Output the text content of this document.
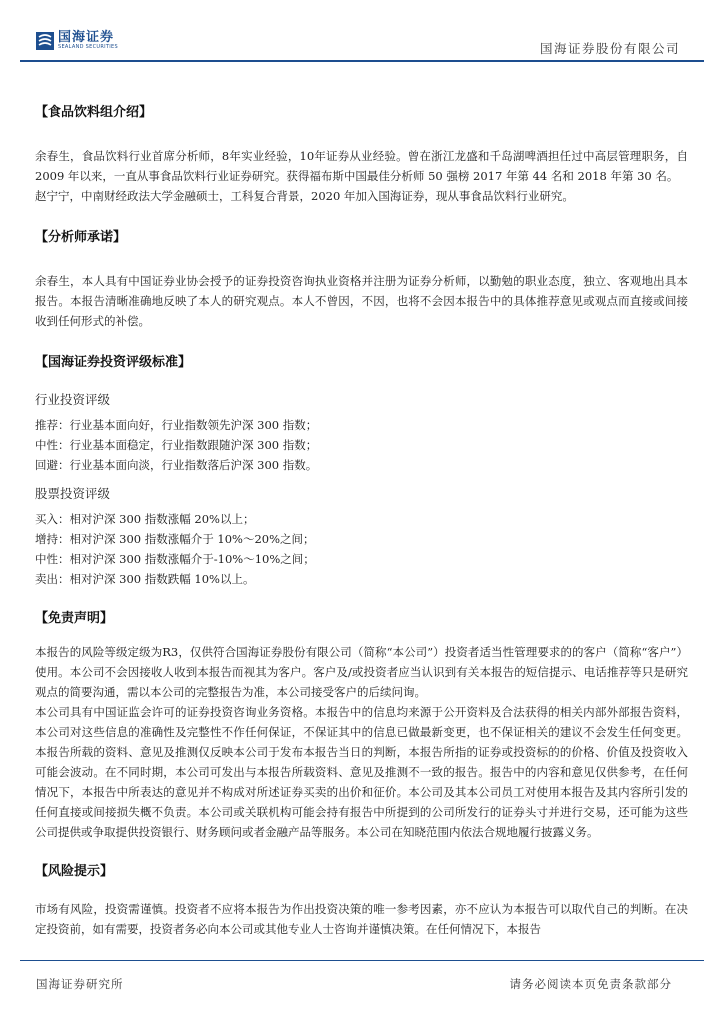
国海证券
SEALAND SECURITIES	国海证券股份有限公司
【食品饮料组介绍】
余春生，食品饮料行业首席分析师，8年实业经验，10年证券从业经验。曾在浙江龙盛和千岛湖啤酒担任过中高层管理职务，自 2009 年以来，一直从事食品饮料行业证券研究。获得福布斯中国最佳分析师 50 强榜 2017 年第 44 名和 2018 年第 30 名。
赵宁宁，中南财经政法大学金融硕士，工科复合背景，2020 年加入国海证券，现从事食品饮料行业研究。
【分析师承诺】
余春生，本人具有中国证券业协会授予的证券投资咨询执业资格并注册为证券分析师，以勤勉的职业态度，独立、客观地出具本报告。本报告清晰准确地反映了本人的研究观点。本人不曾因，不因，也将不会因本报告中的具体推荐意见或观点而直接或间接收到任何形式的补偿。
【国海证券投资评级标准】
行业投资评级
推荐：行业基本面向好，行业指数领先沪深 300 指数；
中性：行业基本面稳定，行业指数跟随沪深 300 指数；
回避：行业基本面向淡，行业指数落后沪深 300 指数。
股票投资评级
买入：相对沪深 300 指数涨幅 20%以上；
增持：相对沪深 300 指数涨幅介于 10%～20%之间；
中性：相对沪深 300 指数涨幅介于-10%～10%之间；
卖出：相对沪深 300 指数跌幅 10%以上。
【免责声明】
本报告的风险等级定级为R3，仅供符合国海证券股份有限公司（简称“本公司”）投资者适当性管理要求的的客户（简称“客户”）使用。本公司不会因接收人收到本报告而视其为客户。客户及/或投资者应当认识到有关本报告的短信提示、电话推荐等只是研究观点的简要沟通，需以本公司的完整报告为准，本公司接受客户的后续问询。
本公司具有中国证监会许可的证券投资咨询业务资格。本报告中的信息均来源于公开资料及合法获得的相关内部外部报告资料，本公司对这些信息的准确性及完整性不作任何保证，不保证其中的信息已做最新变更，也不保证相关的建议不会发生任何变更。本报告所载的资料、意见及推测仅反映本公司于发布本报告当日的判断，本报告所指的证券或投资标的的价格、价值及投资收入可能会波动。在不同时期，本公司可发出与本报告所载资料、意见及推测不一致的报告。报告中的内容和意见仅供参考，在任何情况下，本报告中所表达的意见并不构成对所述证券买卖的出价和征价。本公司及其本公司员工对使用本报告及其内容所引发的任何直接或间接损失概不负责。本公司或关联机构可能会持有报告中所提到的公司所发行的证券头寸并进行交易，还可能为这些公司提供或争取提供投资银行、财务顾问或者金融产品等服务。本公司在知晓范围内依法合规地履行披露义务。
【风险提示】
市场有风险，投资需谨慎。投资者不应将本报告为作出投资决策的唯一参考因素，亦不应认为本报告可以取代自己的判断。在决定投资前，如有需要，投资者务必向本公司或其他专业人士咨询并谨慎决策。在任何情况下，本报告
国海证券研究所	请务必阅读本页免责条款部分
